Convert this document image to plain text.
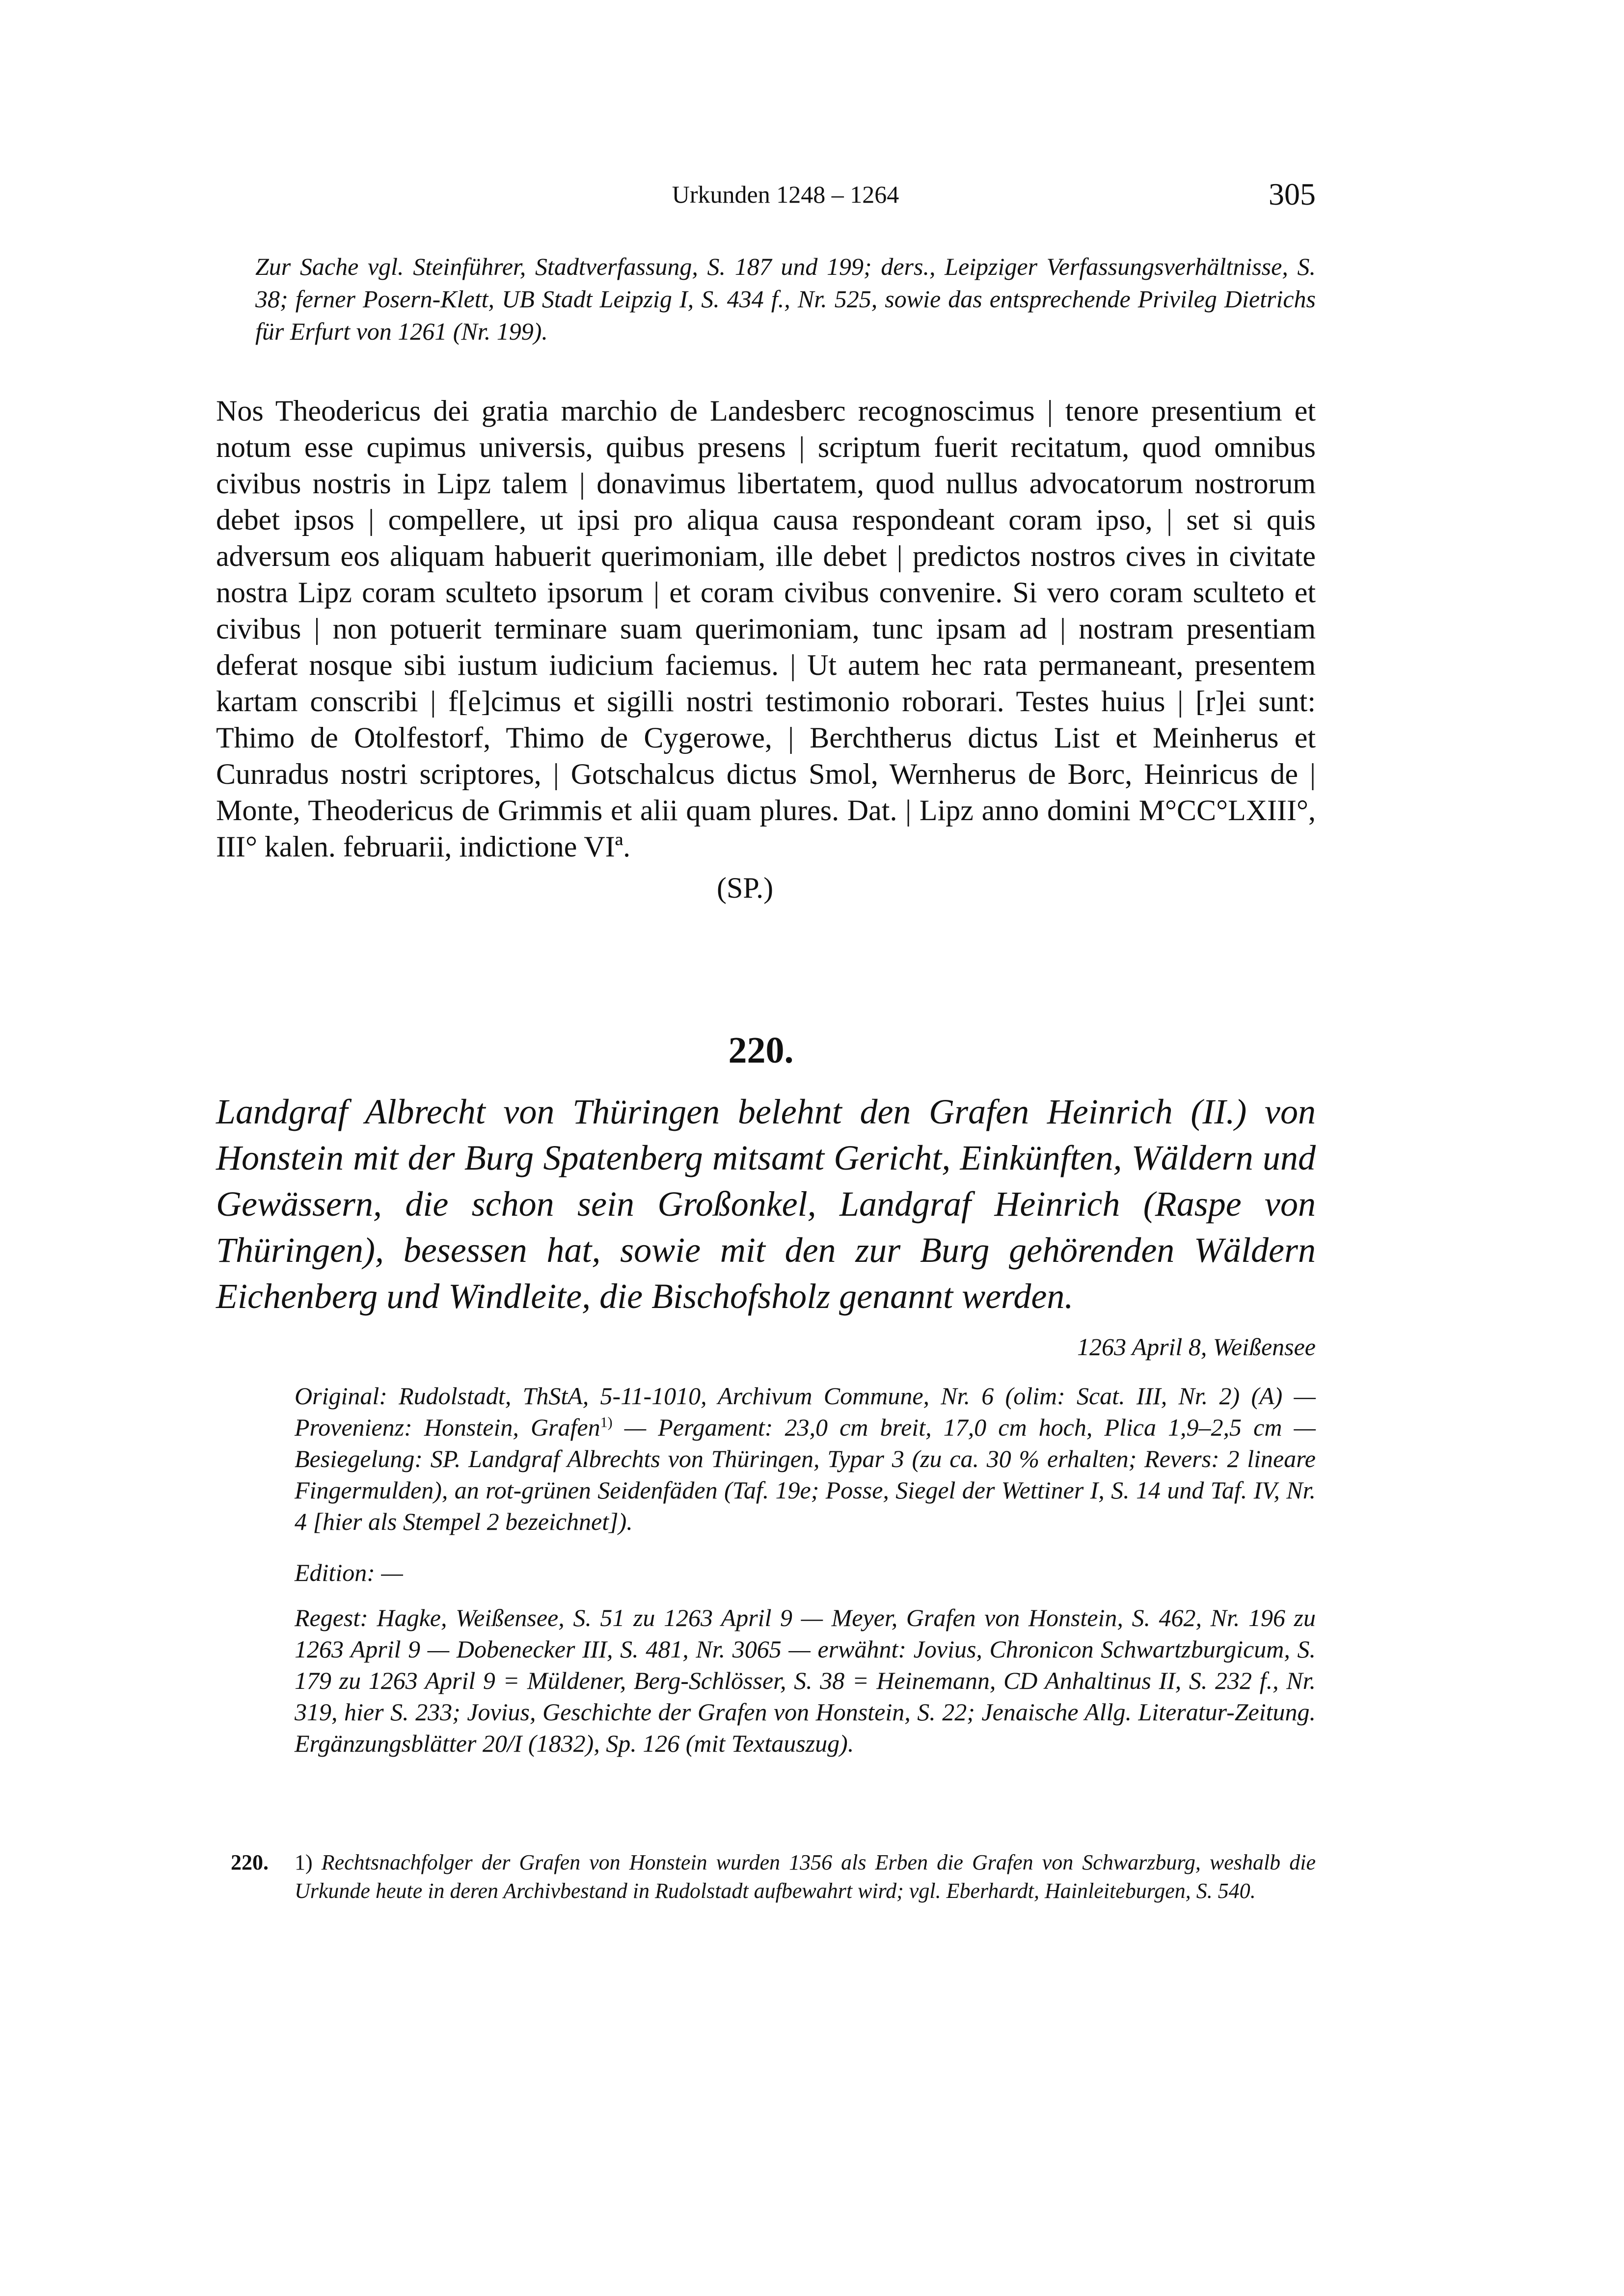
Urkunden 1248 – 1264	305
Zur Sache vgl. Steinführer, Stadtverfassung, S. 187 und 199; ders., Leipziger Verfassungsverhältnisse, S. 38; ferner Posern-Klett, UB Stadt Leipzig I, S. 434 f., Nr. 525, sowie das entsprechende Privileg Dietrichs für Erfurt von 1261 (Nr. 199).
Nos Theodericus dei gratia marchio de Landesberc recognoscimus | tenore presentium et notum esse cupimus universis, quibus presens | scriptum fuerit recitatum, quod omnibus civibus nostris in Lipz talem | donavimus libertatem, quod nullus advocatorum nostrorum debet ipsos | compellere, ut ipsi pro aliqua causa respondeant coram ipso, | set si quis adversum eos aliquam habuerit querimoniam, ille debet | predictos nostros cives in civitate nostra Lipz coram sculteto ipsorum | et coram civibus convenire. Si vero coram sculteto et civibus | non potuerit terminare suam querimoniam, tunc ipsam ad | nostram presentiam deferat nosque sibi iustum iudicium faciemus. | Ut autem hec rata permaneant, presentem kartam conscribi | f[e]cimus et sigilli nostri testimonio roborari. Testes huius | [r]ei sunt: Thimo de Otolfestorf, Thimo de Cygerowe, | Berchtherus dictus List et Meinherus et Cunradus nostri scriptores, | Gotschalcus dictus Smol, Wernherus de Borc, Heinricus de | Monte, Theodericus de Grimmis et alii quam plures. Dat. | Lipz anno domini M°CC°LXIII°, III° kalen. februarii, indictione VIª.
(SP.)
220.
Landgraf Albrecht von Thüringen belehnt den Grafen Heinrich (II.) von Honstein mit der Burg Spatenberg mitsamt Gericht, Einkünften, Wäldern und Gewässern, die schon sein Großonkel, Landgraf Heinrich (Raspe von Thüringen), besessen hat, sowie mit den zur Burg gehörenden Wäldern Eichenberg und Windleite, die Bischofsholz genannt werden.
1263 April 8, Weißensee
Original: Rudolstadt, ThStA, 5-11-1010, Archivum Commune, Nr. 6 (olim: Scat. III, Nr. 2) (A) — Provenienz: Honstein, Grafen$^{1)}$ — Pergament: 23,0 cm breit, 17,0 cm hoch, Plica 1,9–2,5 cm — Besiegelung: SP. Landgraf Albrechts von Thüringen, Typar 3 (zu ca. 30 % erhalten; Revers: 2 lineare Fingermulden), an rot-grünen Seidenfäden (Taf. 19e; Posse, Siegel der Wettiner I, S. 14 und Taf. IV, Nr. 4 [hier als Stempel 2 bezeichnet]).
Edition: —
Regest: Hagke, Weißensee, S. 51 zu 1263 April 9 — Meyer, Grafen von Honstein, S. 462, Nr. 196 zu 1263 April 9 — Dobenecker III, S. 481, Nr. 3065 — erwähnt: Jovius, Chronicon Schwartzburgicum, S. 179 zu 1263 April 9 = Müldener, Berg-Schlösser, S. 38 = Heinemann, CD Anhaltinus II, S. 232 f., Nr. 319, hier S. 233; Jovius, Geschichte der Grafen von Honstein, S. 22; Jenaische Allg. Literatur-Zeitung. Ergänzungsblätter 20/I (1832), Sp. 126 (mit Textauszug).
220. 1) Rechtsnachfolger der Grafen von Honstein wurden 1356 als Erben die Grafen von Schwarzburg, weshalb die Urkunde heute in deren Archivbestand in Rudolstadt aufbewahrt wird; vgl. Eberhardt, Hainleiteburgen, S. 540.
